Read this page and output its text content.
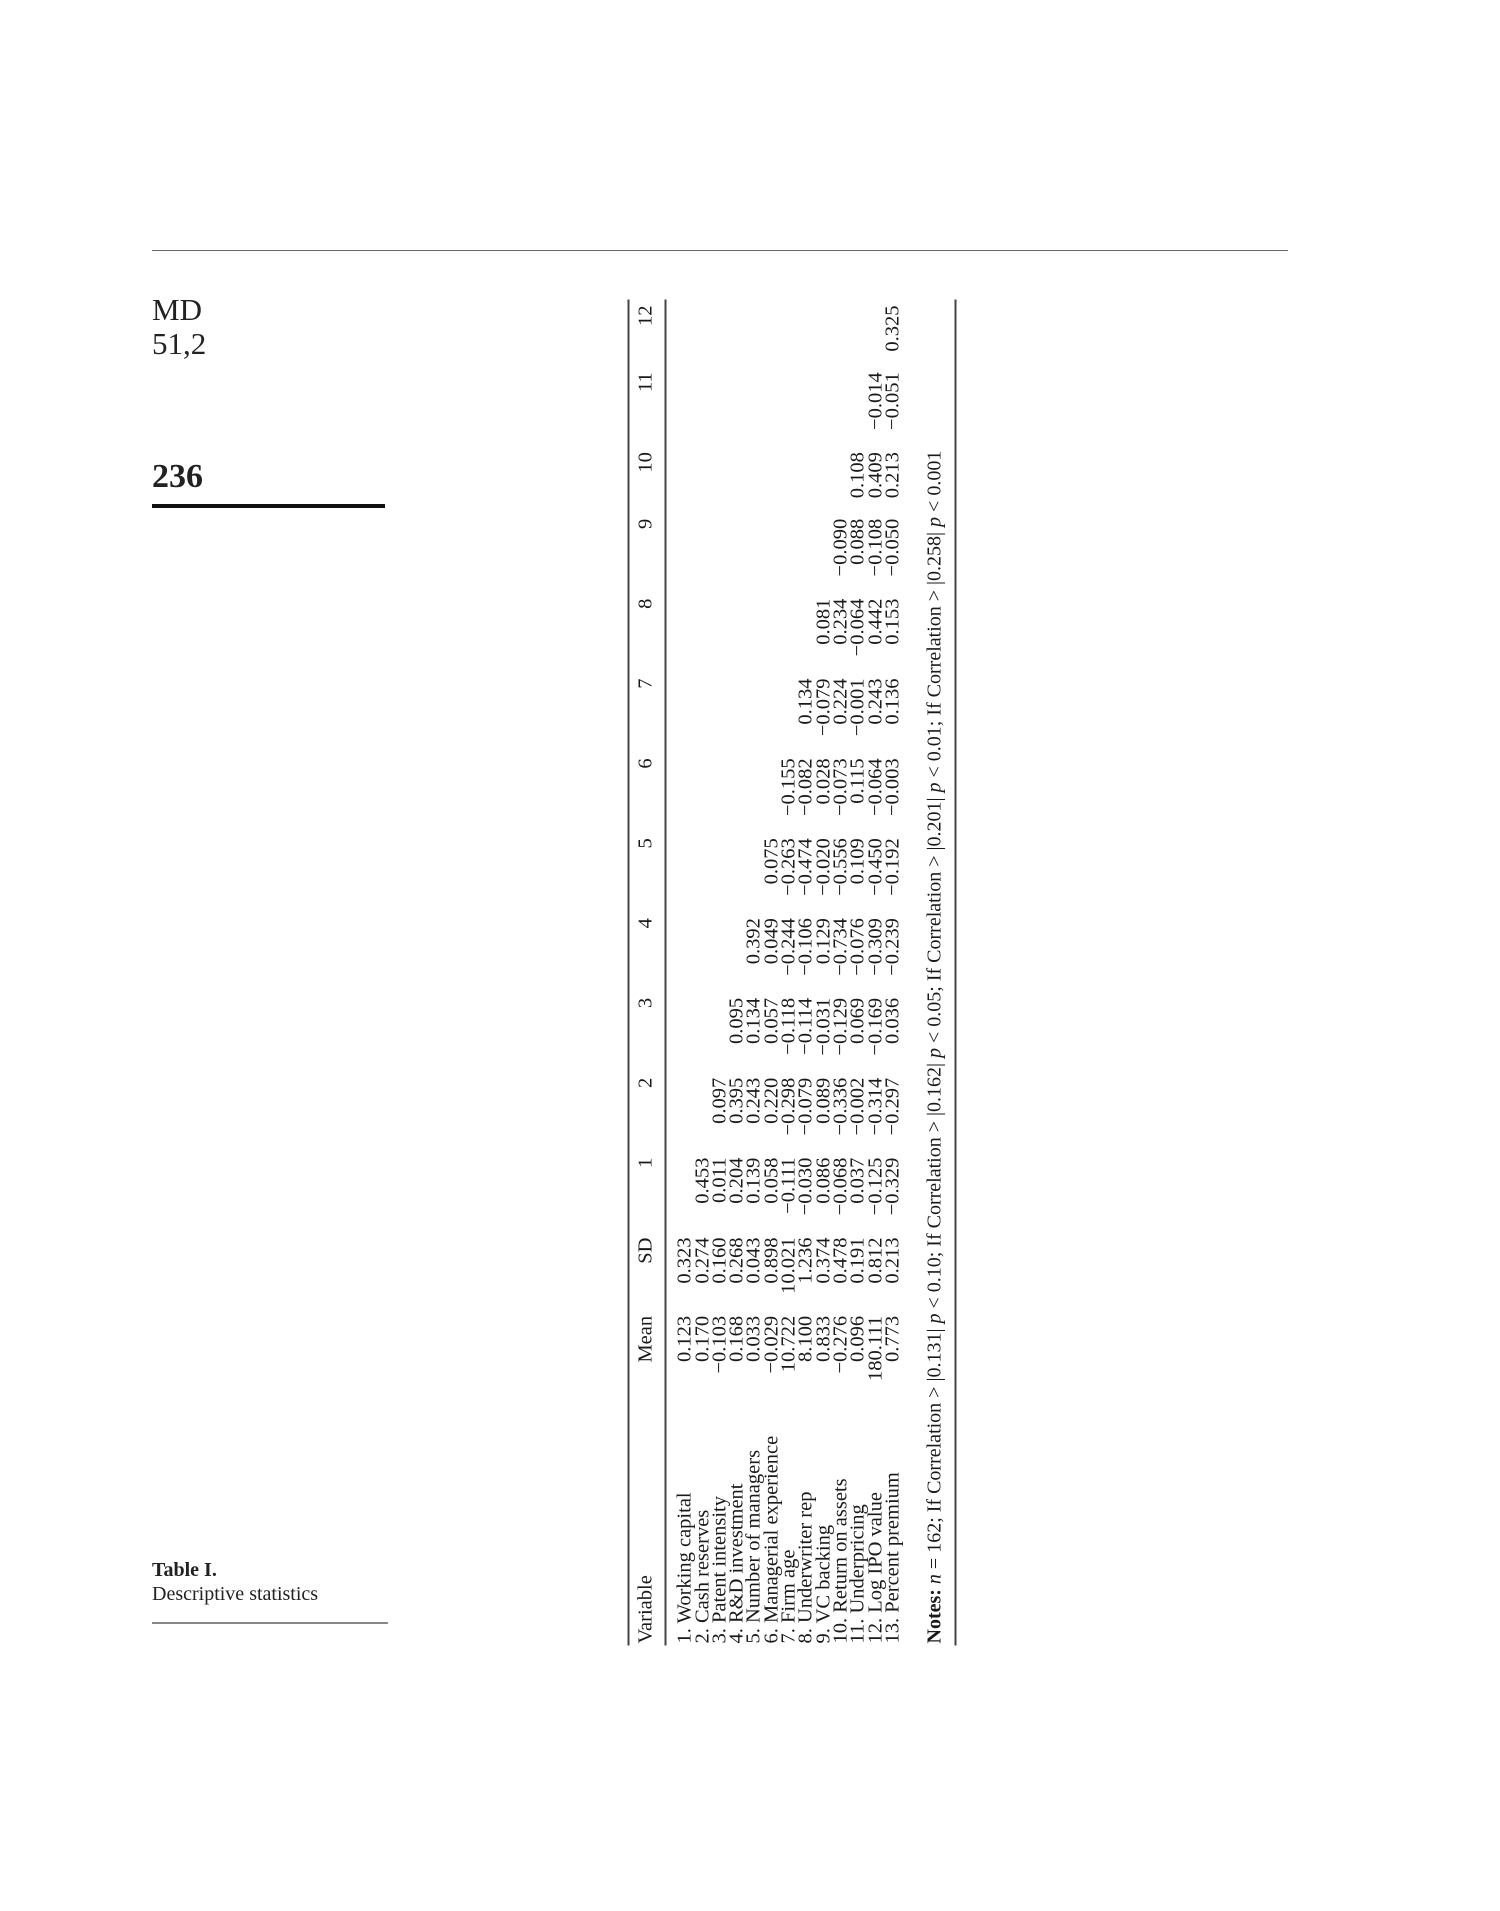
MD
51,2
236
Table I.
Descriptive statistics	Variable	Mean	SD	1	2	3	4	5	6	7	8	9	10	11	12
1. Working capital	0.123	0.323												
2. Cash reserves	0.170	0.274	0.453											
3. Patent intensity	−0.103	0.160	0.011	0.097										
4. R&D investment	0.168	0.268	0.204	0.395	0.095									
5. Number of managers	0.033	0.043	0.139	0.243	0.134	0.392								
6. Managerial experience	−0.029	0.898	0.058	0.220	0.057	0.049	0.075							
7. Firm age	10.722	10.021	−0.111	−0.298	−0.118	−0.244	−0.263	−0.155						
8. Underwriter rep	8.100	1.236	−0.030	−0.079	−0.114	−0.106	−0.474	−0.082	0.134					
9. VC backing	0.833	0.374	0.086	0.089	−0.031	0.129	−0.020	0.028	−0.079	0.081				
10. Return on assets	−0.276	0.478	−0.068	−0.336	−0.129	−0.734	−0.556	−0.073	0.224	0.234	−0.090			
11. Underpricing	0.096	0.191	0.037	−0.002	0.069	−0.076	0.109	0.115	−0.001	−0.064	0.088	0.108		
12. Log IPO value	180.111	0.812	−0.125	−0.314	−0.169	−0.309	−0.450	−0.064	0.243	0.442	−0.108	0.409	−0.014	
13. Percent premium	0.773	0.213	−0.329	−0.297	0.036	−0.239	−0.192	−0.003	0.136	0.153	−0.050	0.213	−0.051	0.325
Notes: n = 162; If Correlation > |0.131| p < 0.10; If Correlation > |0.162| p < 0.05; If Correlation > |0.201| p < 0.01; If Correlation > |0.258| p < 0.001
